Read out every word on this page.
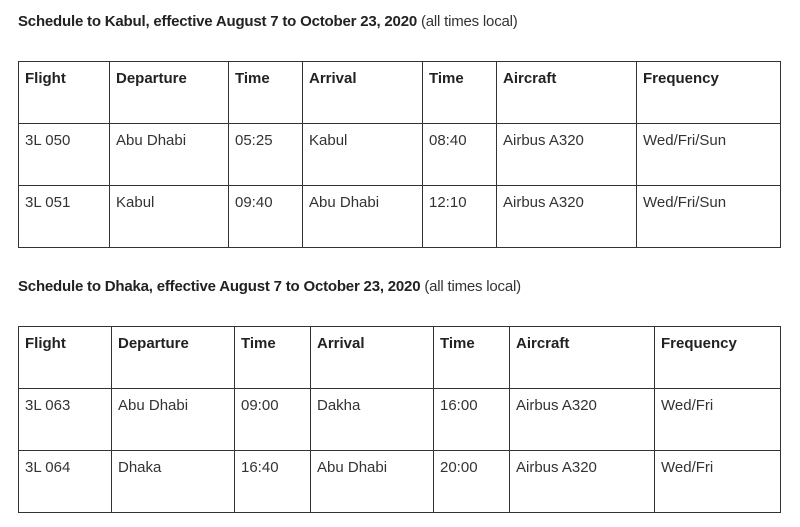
Schedule to Kabul, effective August 7 to October 23, 2020 (all times local)
Flight	Departure	Time	Arrival	Time	Aircraft	Frequency
3L 050	Abu Dhabi	05:25	Kabul	08:40	Airbus A320	Wed/Fri/Sun
3L 051	Kabul	09:40	Abu Dhabi	12:10	Airbus A320	Wed/Fri/Sun
Schedule to Dhaka, effective August 7 to October 23, 2020 (all times local)
Flight	Departure	Time	Arrival	Time	Aircraft	Frequency
3L 063	Abu Dhabi	09:00	Dakha	16:00	Airbus A320	Wed/Fri
3L 064	Dhaka	16:40	Abu Dhabi	20:00	Airbus A320	Wed/Fri
